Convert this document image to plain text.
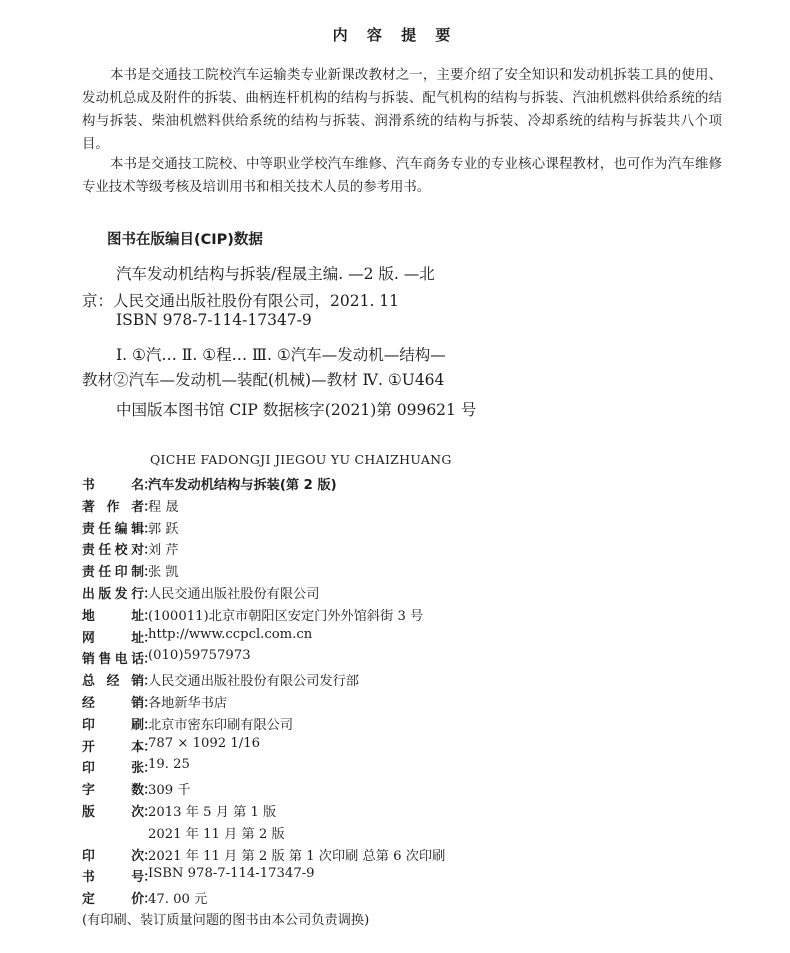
内 容 提 要

本书是交通技工院校汽车运输类专业新课改教材之一，主要介绍了安全知识和发动机拆装工具的使用、发动机总成及附件的拆装、曲柄连杆机构的结构与拆装、配气机构的结构与拆装、汽油机燃料供给系统的结构与拆装、柴油机燃料供给系统的结构与拆装、润滑系统的结构与拆装、冷却系统的结构与拆装共八个项目。

本书是交通技工院校、中等职业学校汽车维修、汽车商务专业的专业核心课程教材，也可作为汽车维修专业技术等级考核及培训用书和相关技术人员的参考用书。

图书在版编目(CIP)数据
汽车发动机结构与拆装/程晟主编. —2 版. —北
京：人民交通出版社股份有限公司，2021. 11
ISBN 978-7-114-17347-9
Ⅰ. ①汽… Ⅱ. ①程… Ⅲ. ①汽车—发动机—结构—
教材②汽车—发动机—装配(机械)—教材 Ⅳ. ①U464
中国版本图书馆 CIP 数据核字(2021)第 099621 号
QICHE FADONGJI JIEGOU YU CHAIZHUANG
书名 ： 汽车发动机结构与拆装(第 2 版)
著作者 ： 程 晟
责任编辑 ： 郭 跃
责任校对 ： 刘 芹
责任印制 ： 张 凯
出版发行 ： 人民交通出版社股份有限公司
地址 ： (100011)北京市朝阳区安定门外外馆斜街 3 号
网址 ： http://www.ccpcl.com.cn
销售电话 ： (010)59757973
总经销 ： 人民交通出版社股份有限公司发行部
经销 ： 各地新华书店
印刷 ： 北京市密东印刷有限公司
开本 ： 787 × 1092 1/16
印张 ： 19. 25
字数 ： 309 千
版次 ： 2013 年 5 月 第 1 版
2021 年 11 月 第 2 版
印次 ： 2021 年 11 月 第 2 版 第 1 次印刷 总第 6 次印刷
书号 ： ISBN 978-7-114-17347-9
定价 ： 47. 00 元
(有印刷、装订质量问题的图书由本公司负责调换)
